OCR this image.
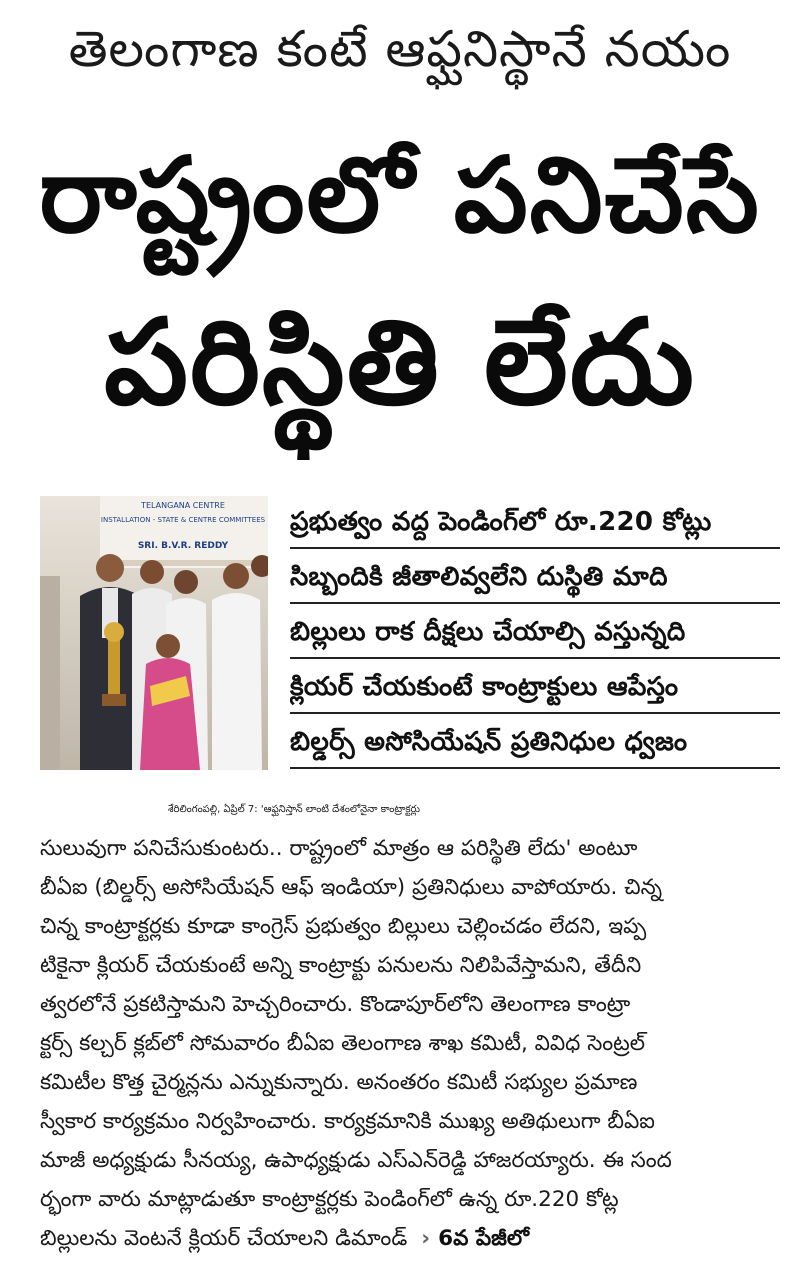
తెలంగాణ కంటే ఆఫ్ఘనిస్థానే నయం
రాష్ట్రంలో పనిచేసే
పరిస్థితి లేదు
TELANGANA CENTRE
INSTALLATION - STATE & CENTRE COMMITTEES
SRI. B.V.R. REDDY
ప్రభుత్వం వద్ద పెండింగ్‌లో రూ.220 కోట్లు
సిబ్బందికి జీతాలివ్వలేని దుస్థితి మాది
బిల్లులు రాక దీక్షలు చేయాల్సి వస్తున్నది
క్లియర్ చేయకుంటే కాంట్రాక్టులు ఆపేస్తం
బిల్డర్స్ అసోసియేషన్ ప్రతినిధుల ధ్వజం
శేరిలింగంపల్లి, ఏప్రిల్ 7: 'ఆఫ్ఘనిస్తాన్ లాంటి దేశంలోనైనా కాంట్రాక్టర్లు
సులువుగా పనిచేసుకుంటరు.. రాష్ట్రంలో మాత్రం ఆ పరిస్థితి లేదు' అంటూ
బీఏఐ (బిల్డర్స్ అసోసియేషన్ ఆఫ్ ఇండియా) ప్రతినిధులు వాపోయారు. చిన్న
చిన్న కాంట్రాక్టర్లకు కూడా కాంగ్రెస్ ప్రభుత్వం బిల్లులు చెల్లించడం లేదని, ఇప్ప
టికైనా క్లియర్ చేయకుంటే అన్ని కాంట్రాక్టు పనులను నిలిపివేస్తామని, తేదీని
త్వరలోనే ప్రకటిస్తామని హెచ్చరించారు. కొండాపూర్‌లోని తెలంగాణ కాంట్రా
క్టర్స్ కల్చర్ క్లబ్‌లో సోమవారం బీఏఐ తెలంగాణ శాఖ కమిటీ, వివిధ సెంట్రల్
కమిటీల కొత్త చైర్మన్లను ఎన్నుకున్నారు. అనంతరం కమిటీ సభ్యుల ప్రమాణ
స్వీకార కార్యక్రమం నిర్వహించారు. కార్యక్రమానికి ముఖ్య అతిథులుగా బీఏఐ
మాజీ అధ్యక్షుడు సీనయ్య, ఉపాధ్యక్షుడు ఎస్ఎన్‌రెడ్డి హాజరయ్యారు. ఈ సంద
ర్భంగా వారు మాట్లాడుతూ కాంట్రాక్టర్లకు పెండింగ్‌లో ఉన్న రూ.220 కోట్ల
బిల్లులను వెంటనే క్లియర్ చేయాలని డిమాండ్ › 6వ పేజీలో
